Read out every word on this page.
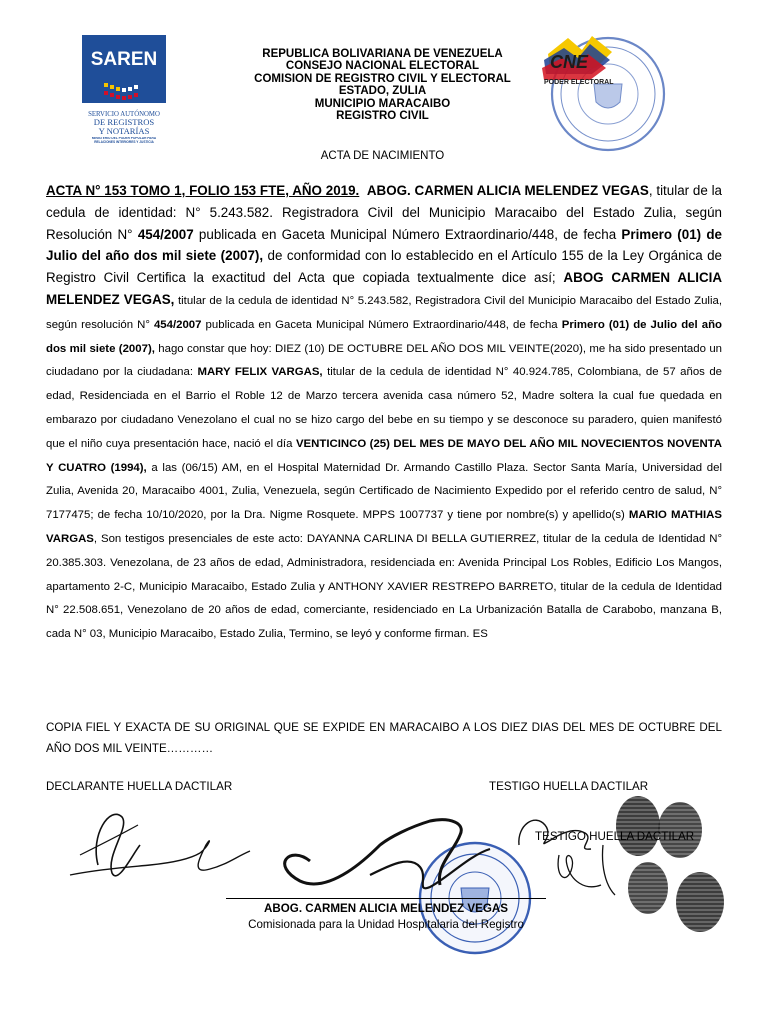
SAREN
SERVICIO AUTÓNOMO
DE REGISTROS
Y NOTARÍAS
MINISTERIO DEL PODER POPULAR PARA RELACIONES INTERIORES Y JUSTICIA
REPUBLICA BOLIVARIANA DE VENEZUELA
CONSEJO NACIONAL ELECTORAL
COMISION DE REGISTRO CIVIL Y ELECTORAL
ESTADO, ZULIA
MUNICIPIO MARACAIBO
REGISTRO CIVIL
CNE
PODER ELECTORAL
ACTA DE NACIMIENTO
ACTA N° 153 TOMO 1, FOLIO 153 FTE, AÑO 2019. ABOG. CARMEN ALICIA MELENDEZ VEGAS, titular de la cedula de identidad: N° 5.243.582. Registradora Civil del Municipio Maracaibo del Estado Zulia, según Resolución N° 454/2007 publicada en Gaceta Municipal Número Extraordinario/448, de fecha Primero (01) de Julio del año dos mil siete (2007), de conformidad con lo establecido en el Artículo 155 de la Ley Orgánica de Registro Civil Certifica la exactitud del Acta que copiada textualmente dice así; ABOG CARMEN ALICIA MELENDEZ VEGAS, titular de la cedula de identidad N° 5.243.582, Registradora Civil del Municipio Maracaibo del Estado Zulia, según resolución N° 454/2007 publicada en Gaceta Municipal Número Extraordinario/448, de fecha Primero (01) de Julio del año dos mil siete (2007), hago constar que hoy: DIEZ (10) DE OCTUBRE DEL AÑO DOS MIL VEINTE(2020), me ha sido presentado un ciudadano por la ciudadana: MARY FELIX VARGAS, titular de la cedula de identidad N° 40.924.785, Colombiana, de 57 años de edad, Residenciada en el Barrio el Roble 12 de Marzo tercera avenida casa número 52, Madre soltera la cual fue quedada en embarazo por ciudadano Venezolano el cual no se hizo cargo del bebe en su tiempo y se desconoce su paradero, quien manifestó que el niño cuya presentación hace, nació el día VENTICINCO (25) DEL MES DE MAYO DEL AÑO MIL NOVECIENTOS NOVENTA Y CUATRO (1994), a las (06/15) AM, en el Hospital Maternidad Dr. Armando Castillo Plaza. Sector Santa María, Universidad del Zulia, Avenida 20, Maracaibo 4001, Zulia, Venezuela, según Certificado de Nacimiento Expedido por el referido centro de salud, N° 7177475; de fecha 10/10/2020, por la Dra. Nigme Rosquete. MPPS 1007737 y tiene por nombre(s) y apellido(s) MARIO MATHIAS VARGAS, Son testigos presenciales de este acto: DAYANNA CARLINA DI BELLA GUTIERREZ, titular de la cedula de Identidad N° 20.385.303. Venezolana, de 23 años de edad, Administradora, residenciada en: Avenida Principal Los Robles, Edificio Los Mangos, apartamento 2-C, Municipio Maracaibo, Estado Zulia y ANTHONY XAVIER RESTREPO BARRETO, titular de la cedula de Identidad N° 22.508.651, Venezolano de 20 años de edad, comerciante, residenciado en La Urbanización Batalla de Carabobo, manzana B, cada N° 03, Municipio Maracaibo, Estado Zulia, Termino, se leyó y conforme firman. ES
COPIA FIEL Y EXACTA DE SU ORIGINAL QUE SE EXPIDE EN MARACAIBO A LOS DIEZ DIAS DEL MES DE OCTUBRE DEL AÑO DOS MIL VEINTE…………
DECLARANTE HUELLA DACTILAR	TESTIGO HUELLA DACTILAR
TESTIGO HUELLA DACTILAR
ABOG. CARMEN ALICIA MELENDEZ VEGAS
Comisionada para la Unidad Hospitalaria del Registro
